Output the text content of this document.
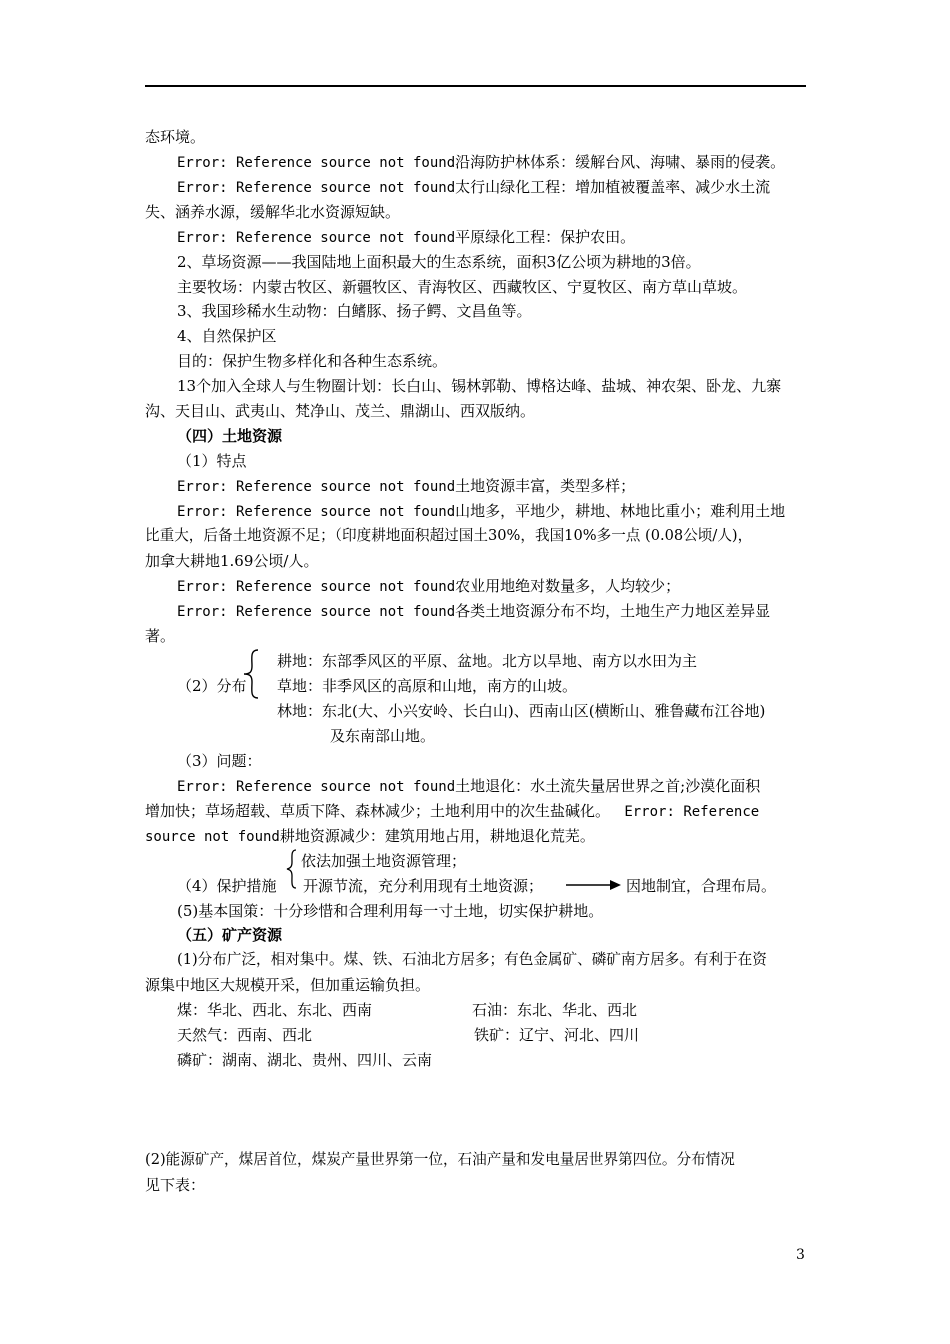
态环境。
Error: Reference source not found沿海防护林体系：缓解台风、海啸、暴雨的侵袭。
Error: Reference source not found太行山绿化工程：增加植被覆盖率、减少水土流
失、涵养水源，缓解华北水资源短缺。
Error: Reference source not found平原绿化工程：保护农田。
2、草场资源——我国陆地上面积最大的生态系统，面积3亿公顷为耕地的3倍。
主要牧场：内蒙古牧区、新疆牧区、青海牧区、西藏牧区、宁夏牧区、南方草山草坡。
3、我国珍稀水生动物：白鳍豚、扬子鳄、文昌鱼等。
4、自然保护区
目的：保护生物多样化和各种生态系统。
13个加入全球人与生物圈计划：长白山、锡林郭勒、博格达峰、盐城、神农架、卧龙、九寨
沟、天目山、武夷山、梵净山、茂兰、鼎湖山、西双版纳。
（四）土地资源
（1）特点
Error: Reference source not found土地资源丰富，类型多样；
Error: Reference source not found山地多，平地少，耕地、林地比重小；难利用土地
比重大，后备土地资源不足；（印度耕地面积超过国土30%，我国10%多一点 (0.08公顷/人)，
加拿大耕地1.69公顷/人。
Error: Reference source not found农业用地绝对数量多，人均较少；
Error: Reference source not found各类土地资源分布不均，土地生产力地区差异显
著。
（2）分布
耕地：东部季风区的平原、盆地。北方以旱地、南方以水田为主
草地：非季风区的高原和山地，南方的山坡。
林地：东北(大、小兴安岭、长白山)、西南山区(横断山、雅鲁藏布江谷地)
及东南部山地。
（3）问题：
Error: Reference source not found土地退化：水土流失量居世界之首;沙漠化面积
增加快；草场超载、草质下降、森林减少；土地利用中的次生盐碱化。 Error: Reference
source not found耕地资源减少：建筑用地占用，耕地退化荒芜。
依法加强土地资源管理；
（4）保护措施 开源节流，充分利用现有土地资源；	因地制宜，合理布局。
(5)基本国策：十分珍惜和合理利用每一寸土地，切实保护耕地。
（五）矿产资源
(1)分布广泛，相对集中。煤、铁、石油北方居多；有色金属矿、磷矿南方居多。有利于在资
源集中地区大规模开采，但加重运输负担。
煤：华北、西北、东北、西南	石油：东北、华北、西北
天然气：西南、西北	铁矿：辽宁、河北、四川
磷矿：湖南、湖北、贵州、四川、云南
(2)能源矿产，煤居首位，煤炭产量世界第一位，石油产量和发电量居世界第四位。分布情况
见下表：
3
